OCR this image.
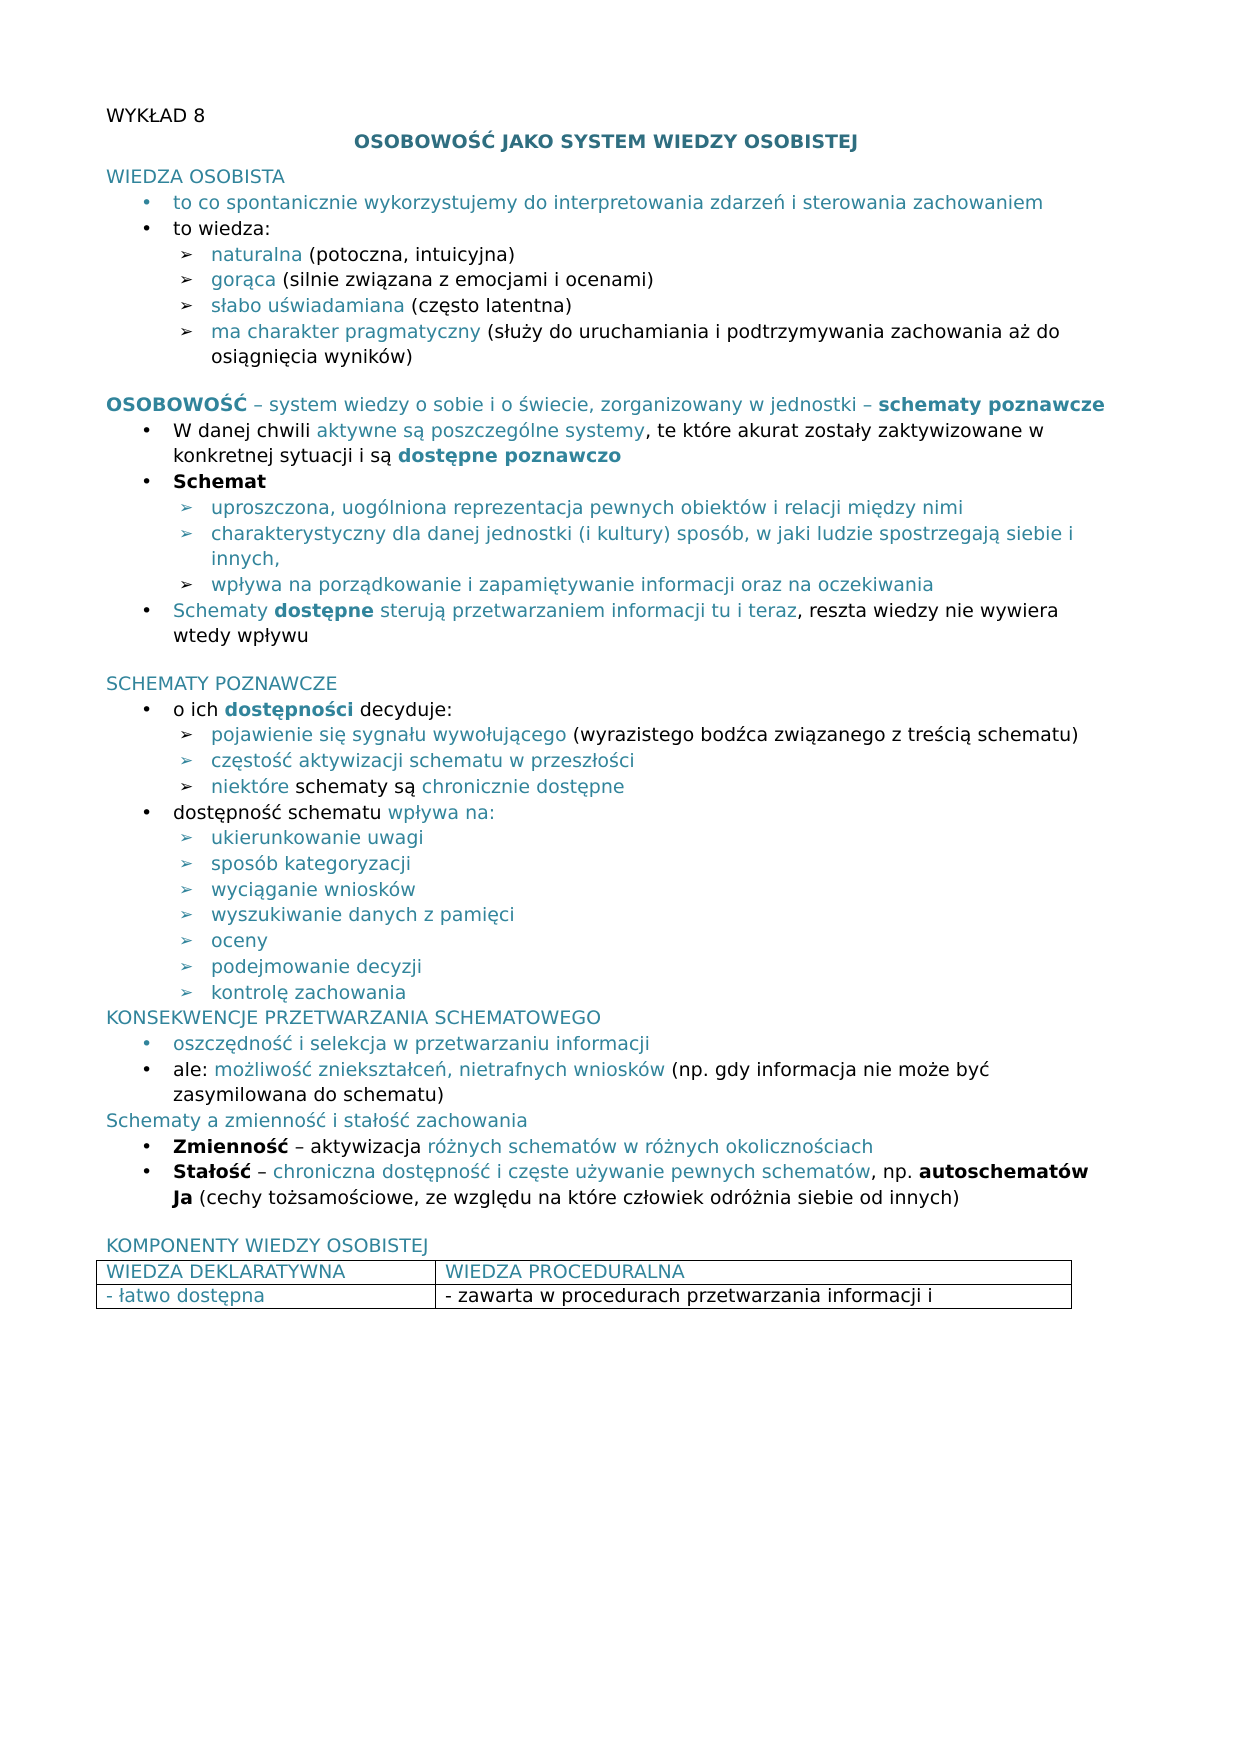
WYKŁAD 8
OSOBOWOŚĆ JAKO SYSTEM WIEDZY OSOBISTEJ
WIEDZA OSOBISTA
• to co spontanicznie wykorzystujemy do interpretowania zdarzeń i sterowania zachowaniem
• to wiedza:
➢ naturalna (potoczna, intuicyjna)
➢ gorąca (silnie związana z emocjami i ocenami)
➢ słabo uświadamiana (często latentna)
➢ ma charakter pragmatyczny (służy do uruchamiania i podtrzymywania zachowania aż do osiągnięcia wyników)
OSOBOWOŚĆ – system wiedzy o sobie i o świecie, zorganizowany w jednostki – schematy poznawcze
• W danej chwili aktywne są poszczególne systemy, te które akurat zostały zaktywizowane w konkretnej sytuacji i są dostępne poznawczo
• Schemat
➢ uproszczona, uogólniona reprezentacja pewnych obiektów i relacji między nimi
➢ charakterystyczny dla danej jednostki (i kultury) sposób, w jaki ludzie spostrzegają siebie i innych,
➢ wpływa na porządkowanie i zapamiętywanie informacji oraz na oczekiwania
• Schematy dostępne sterują przetwarzaniem informacji tu i teraz, reszta wiedzy nie wywiera wtedy wpływu
SCHEMATY POZNAWCZE
• o ich dostępności decyduje:
➢ pojawienie się sygnału wywołującego (wyrazistego bodźca związanego z treścią schematu)
➢ częstość aktywizacji schematu w przeszłości
➢ niektóre schematy są chronicznie dostępne
• dostępność schematu wpływa na:
➢ ukierunkowanie uwagi
➢ sposób kategoryzacji
➢ wyciąganie wniosków
➢ wyszukiwanie danych z pamięci
➢ oceny
➢ podejmowanie decyzji
➢ kontrolę zachowania
KONSEKWENCJE PRZETWARZANIA SCHEMATOWEGO
• oszczędność i selekcja w przetwarzaniu informacji
• ale: możliwość zniekształceń, nietrafnych wniosków (np. gdy informacja nie może być zasymilowana do schematu)
Schematy a zmienność i stałość zachowania
• Zmienność – aktywizacja różnych schematów w różnych okolicznościach
• Stałość – chroniczna dostępność i częste używanie pewnych schematów, np. autoschematów Ja (cechy tożsamościowe, ze względu na które człowiek odróżnia siebie od innych)
KOMPONENTY WIEDZY OSOBISTEJ
WIEDZA DEKLARATYWNA	WIEDZA PROCEDURALNA
- łatwo dostępna	- zawarta w procedurach przetwarzania informacji i
